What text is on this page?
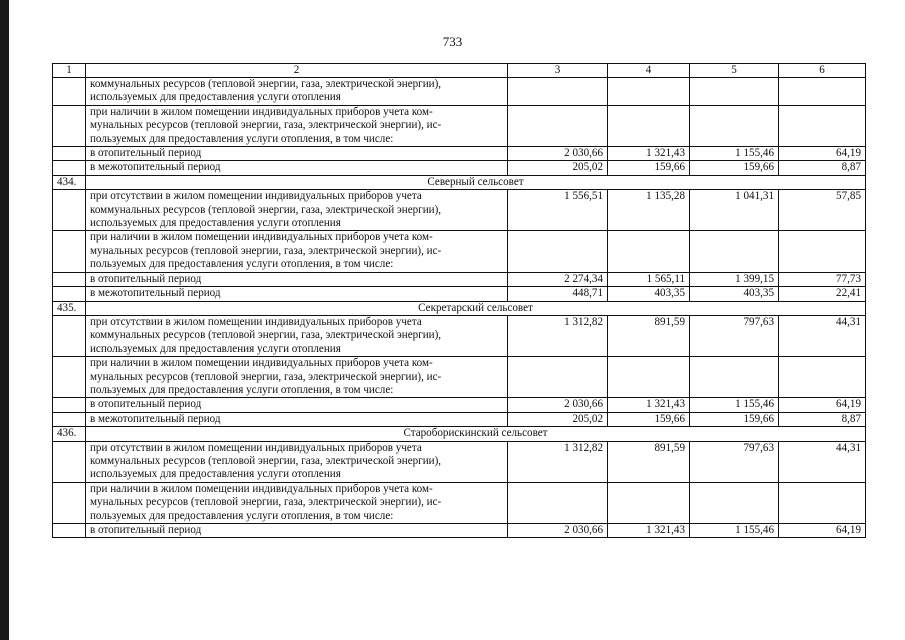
733
1	2	3	4	5	6

	коммунальных ресурсов (тепловой энергии, газа, электрической энергии),
используемых для предоставления услуги отопления				

	при наличии в жилом помещении индивидуальных приборов учета ком-
мунальных ресурсов (тепловой энергии, газа, электрической энергии), ис-
пользуемых для предоставления услуги отопления, в том числе:				

	в отопительный период	2 030,66	1 321,43	1 155,46	64,19

	в межотопительный период	205,02	159,66	159,66	8,87
434.	Северный сельсовет				

	при отсутствии в жилом помещении индивидуальных приборов учета
коммунальных ресурсов (тепловой энергии, газа, электрической энергии),
используемых для предоставления услуги отопления	1 556,51	1 135,28	1 041,31	57,85

	при наличии в жилом помещении индивидуальных приборов учета ком-
мунальных ресурсов (тепловой энергии, газа, электрической энергии), ис-
пользуемых для предоставления услуги отопления, в том числе:				

	в отопительный период	2 274,34	1 565,11	1 399,15	77,73

	в межотопительный период	448,71	403,35	403,35	22,41
435.	Секретарский сельсовет				

	при отсутствии в жилом помещении индивидуальных приборов учета
коммунальных ресурсов (тепловой энергии, газа, электрической энергии),
используемых для предоставления услуги отопления	1 312,82	891,59	797,63	44,31

	при наличии в жилом помещении индивидуальных приборов учета ком-
мунальных ресурсов (тепловой энергии, газа, электрической энергии), ис-
пользуемых для предоставления услуги отопления, в том числе:				

	в отопительный период	2 030,66	1 321,43	1 155,46	64,19

	в межотопительный период	205,02	159,66	159,66	8,87
436.	Староборискинский сельсовет				

	при отсутствии в жилом помещении индивидуальных приборов учета
коммунальных ресурсов (тепловой энергии, газа, электрической энергии),
используемых для предоставления услуги отопления	1 312,82	891,59	797,63	44,31

	при наличии в жилом помещении индивидуальных приборов учета ком-
мунальных ресурсов (тепловой энергии, газа, электрической энергии), ис-
пользуемых для предоставления услуги отопления, в том числе:				

	в отопительный период	2 030,66	1 321,43	1 155,46	64,19
